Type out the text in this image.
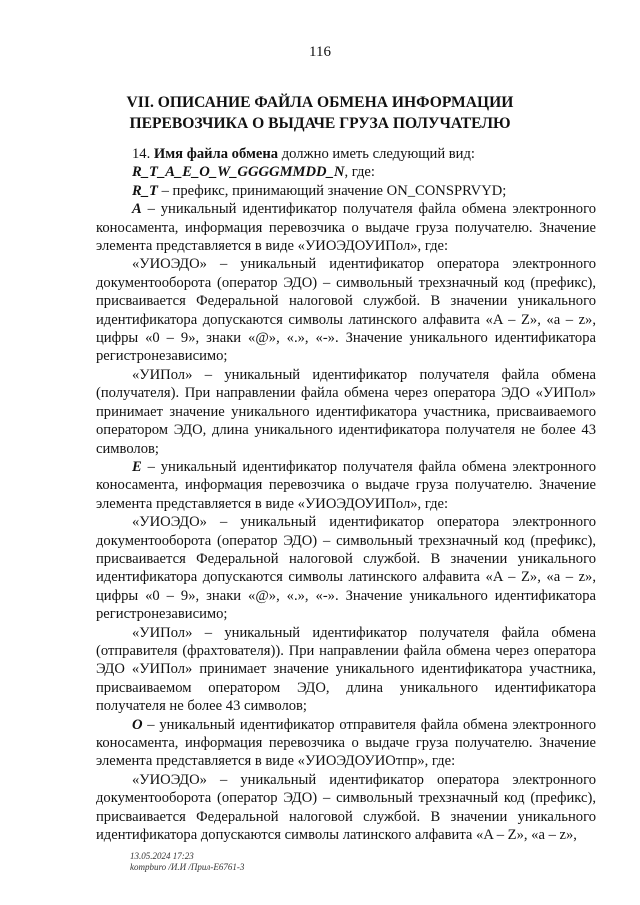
116
VII. ОПИСАНИЕ ФАЙЛА ОБМЕНА ИНФОРМАЦИИ
ПЕРЕВОЗЧИКА О ВЫДАЧЕ ГРУЗА ПОЛУЧАТЕЛЮ

14. Имя файла обмена должно иметь следующий вид:

R_T_A_E_O_W_GGGGMMDD_N, где:

R_T – префикс, принимающий значение ON_CONSPRVYD;

A – уникальный идентификатор получателя файла обмена электронного коносамента, информация перевозчика о выдаче груза получателю. Значение элемента представляется в виде «УИОЭДОУИПол», где:

«УИОЭДО» – уникальный идентификатор оператора электронного документооборота (оператор ЭДО) – символьный трехзначный код (префикс), присваивается Федеральной налоговой службой. В значении уникального идентификатора допускаются символы латинского алфавита «A – Z», «a – z», цифры «0 – 9», знаки «@», «.», «-». Значение уникального идентификатора регистронезависимо;

«УИПол» – уникальный идентификатор получателя файла обмена (получателя). При направлении файла обмена через оператора ЭДО «УИПол» принимает значение уникального идентификатора участника, присваиваемого оператором ЭДО, длина уникального идентификатора получателя не более 43 символов;

E – уникальный идентификатор получателя файла обмена электронного коносамента, информация перевозчика о выдаче груза получателю. Значение элемента представляется в виде «УИОЭДОУИПол», где:

«УИОЭДО» – уникальный идентификатор оператора электронного документооборота (оператор ЭДО) – символьный трехзначный код (префикс), присваивается Федеральной налоговой службой. В значении уникального идентификатора допускаются символы латинского алфавита «A – Z», «a – z», цифры «0 – 9», знаки «@», «.», «-». Значение уникального идентификатора регистронезависимо;

«УИПол» – уникальный идентификатор получателя файла обмена (отправителя (фрахтователя)). При направлении файла обмена через оператора ЭДО «УИПол» принимает значение уникального идентификатора участника, присваиваемом оператором ЭДО, длина уникального идентификатора получателя не более 43 символов;

O – уникальный идентификатор отправителя файла обмена электронного коносамента, информация перевозчика о выдаче груза получателю. Значение элемента представляется в виде «УИОЭДОУИОтпр», где:

«УИОЭДО» – уникальный идентификатор оператора электронного документооборота (оператор ЭДО) – символьный трехзначный код (префикс), присваивается Федеральной налоговой службой. В значении уникального идентификатора допускаются символы латинского алфавита «A – Z», «a – z»,

13.05.2024 17:23
kompburo /И.И /Прил-Е6761-3
